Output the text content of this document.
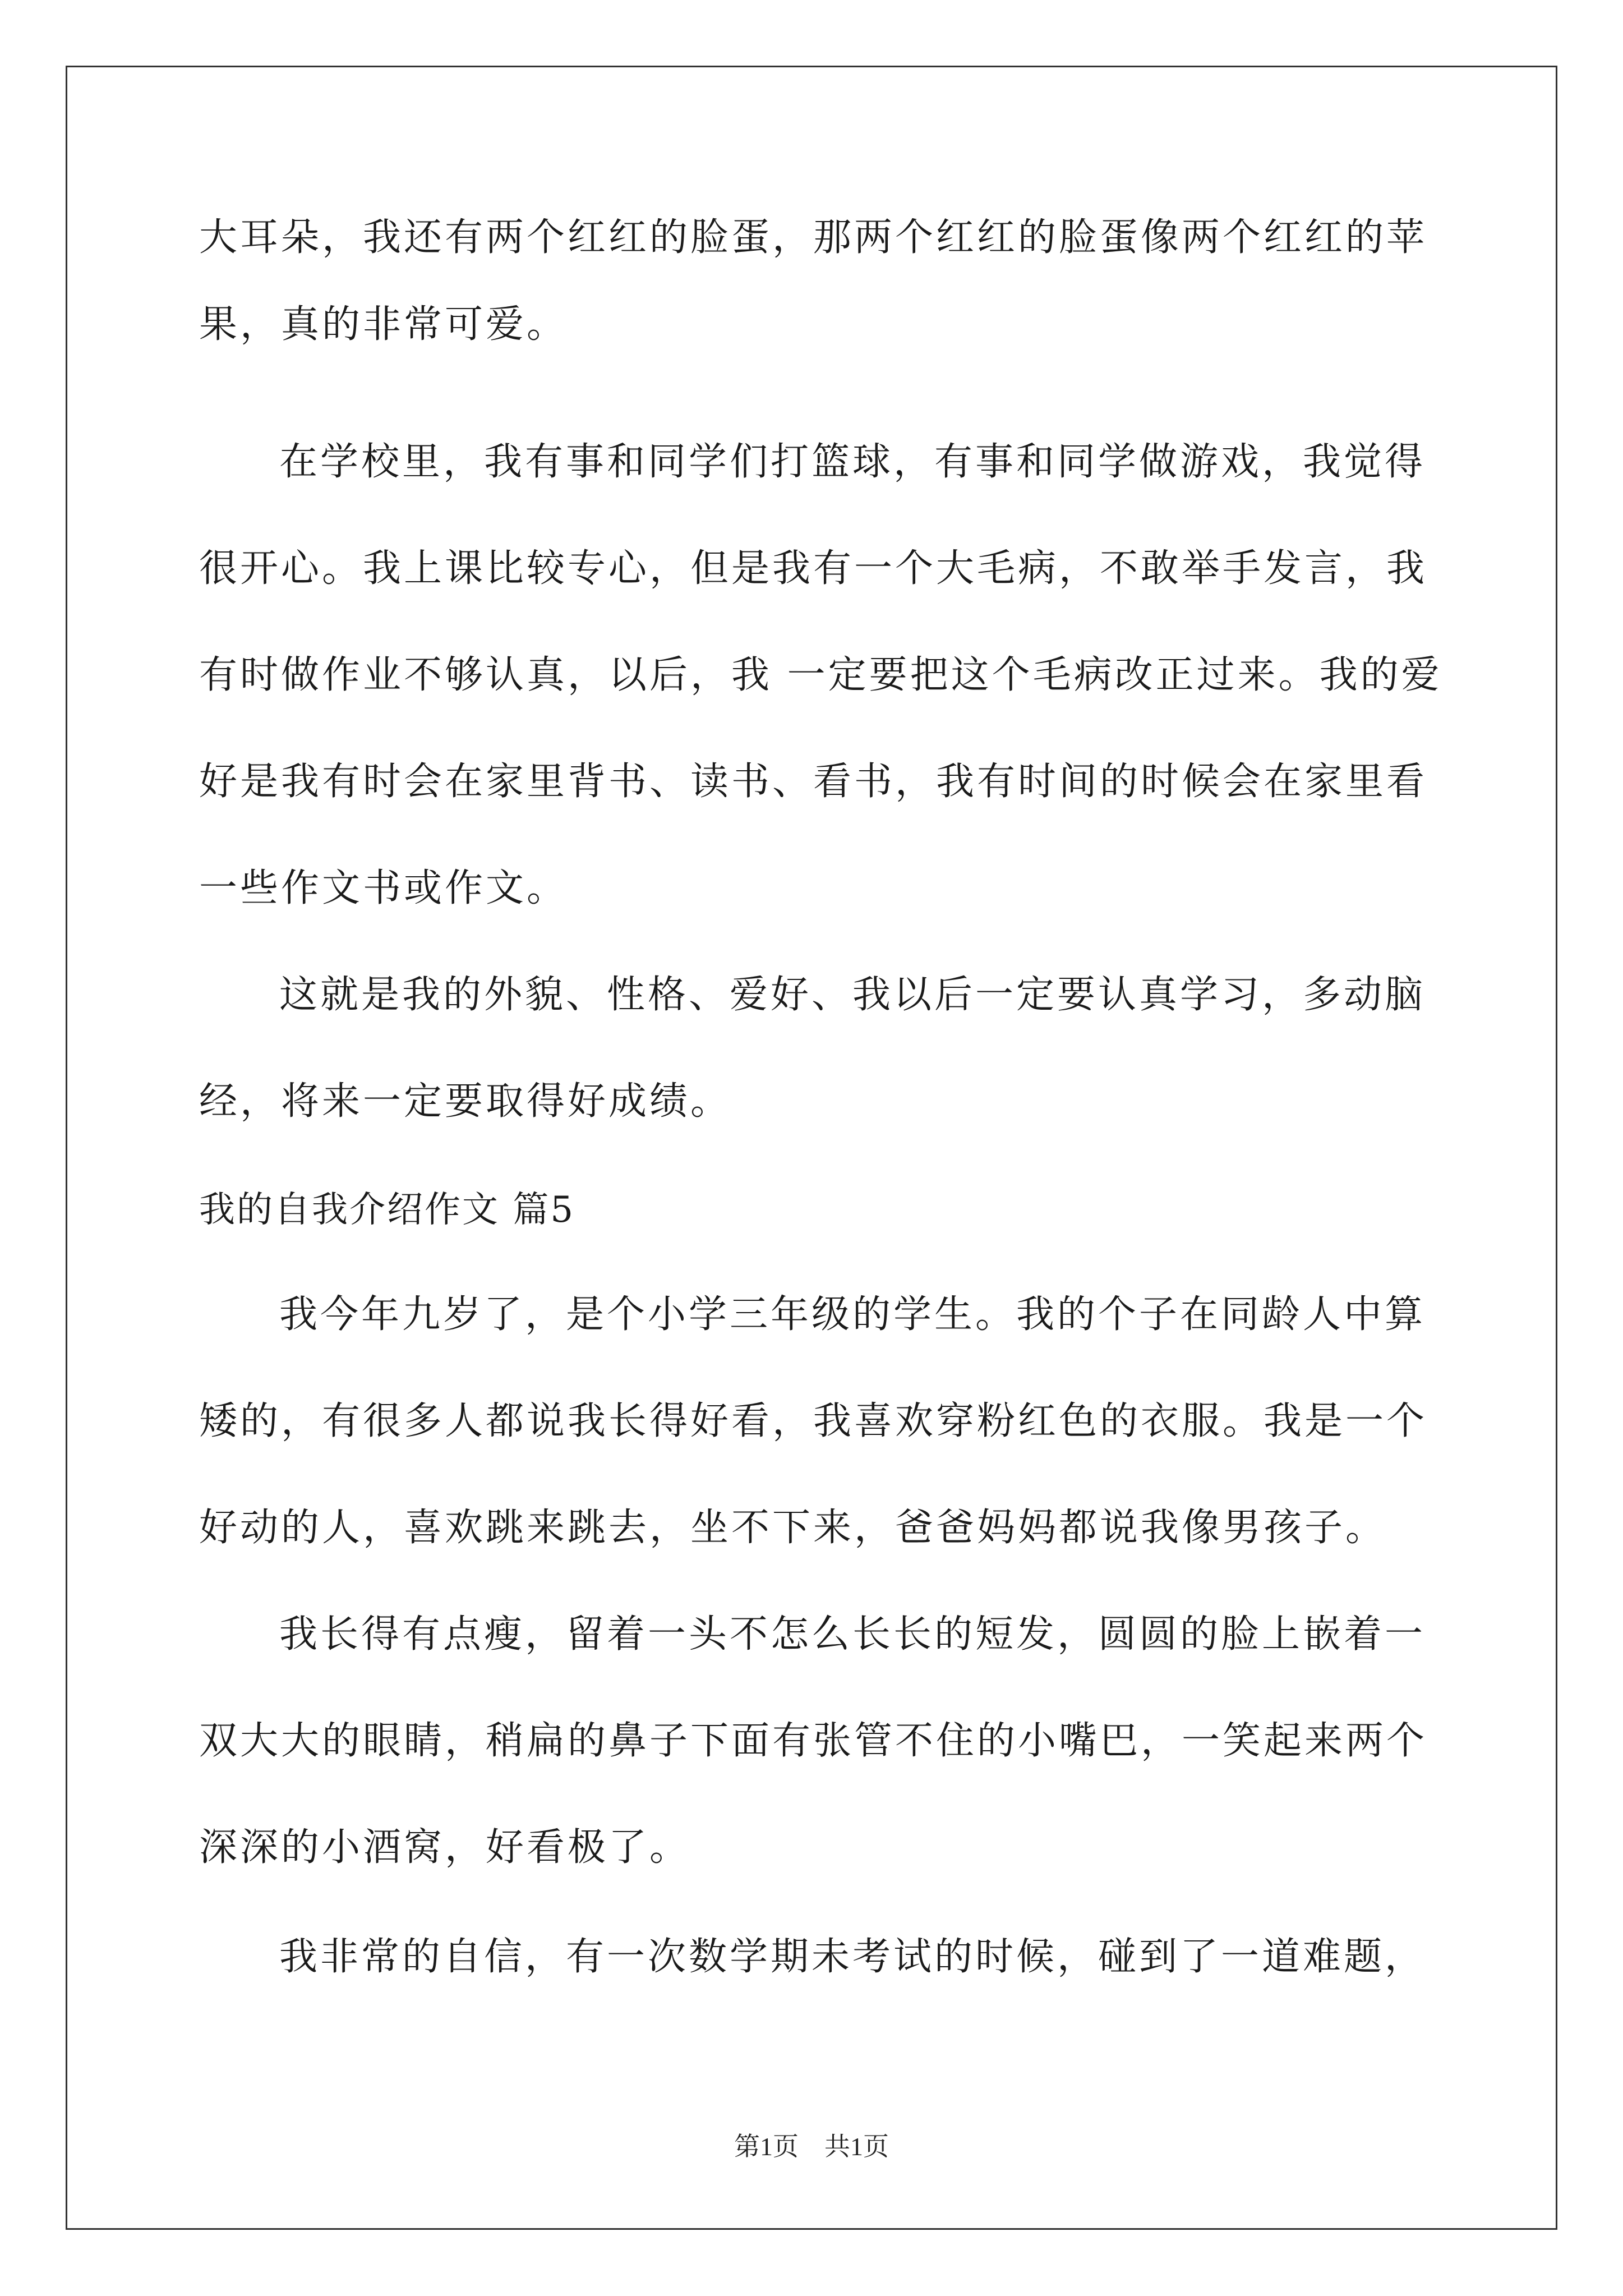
大耳朵，我还有两个红红的脸蛋，那两个红红的脸蛋像两个红红的苹
果，真的非常可爱。
在学校里，我有事和同学们打篮球，有事和同学做游戏，我觉得
很开心。我上课比较专心，但是我有一个大毛病，不敢举手发言，我
有时做作业不够认真，以后，我 一定要把这个毛病改正过来。我的爱
好是我有时会在家里背书、读书、看书，我有时间的时候会在家里看
一些作文书或作文。
这就是我的外貌、性格、爱好、我以后一定要认真学习，多动脑
经，将来一定要取得好成绩。
我的自我介绍作文 篇5
我今年九岁了，是个小学三年级的学生。我的个子在同龄人中算
矮的，有很多人都说我长得好看，我喜欢穿粉红色的衣服。我是一个
好动的人，喜欢跳来跳去，坐不下来，爸爸妈妈都说我像男孩子。
我长得有点瘦，留着一头不怎么长长的短发，圆圆的脸上嵌着一
双大大的眼睛，稍扁的鼻子下面有张管不住的小嘴巴，一笑起来两个
深深的小酒窝，好看极了。
我非常的自信，有一次数学期未考试的时候，碰到了一道难题，
第1页　共1页
